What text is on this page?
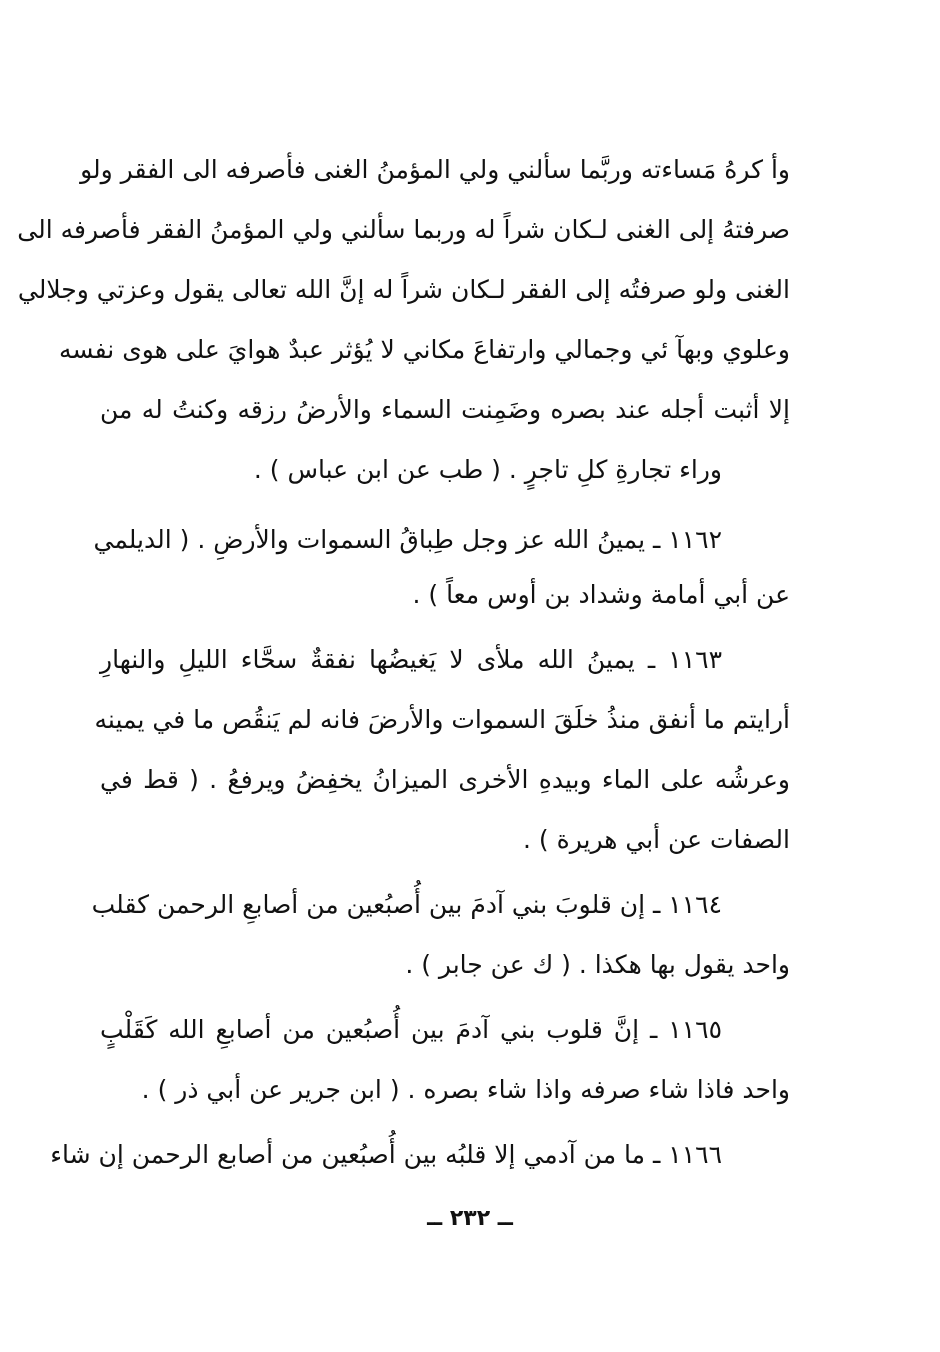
وأ كرهُ مَساءته وربَّما سألني ولي المؤمنُ الغنى فأصرفه الى الفقر ولو
صرفتهُ إلى الغنى لـكان شراً له وربما سألني ولي المؤمنُ الفقر فأصرفه الى
الغنى ولو صرفتُه إلى الفقر لـكان شراً له إنَّ الله تعالى يقول وعزتي وجلالي
وعلوي وبهآ ئي وجمالي وارتفاعَ مكاني لا يُؤثر عبدٌ هوايَ على هوى نفسه
إلا أثبت أجله عند بصره وضَمِنت السماء والأرضُ رزقه وكنتُ له من
وراء تجارةِ كلِ تاجرٍ . ( طب عن ابن عباس ) .
١١٦٢ ـ يمينُ الله عز وجل طِباقُ السموات والأرضِ . ( الديلمي
عن أبي أمامة وشداد بن أوس معاً ) .
١١٦٣ ـ يمينُ الله ملأى لا يَغيضُها نفقةٌ سحَّاء الليلِ والنهارِ
أرايتم ما أنفق منذُ خلَقَ السموات والأرضَ فانه لم يَنقُص ما في يمينه
وعرشُه على الماء وبيدهِ الأخرى الميزانُ يخفِضُ ويرفعُ . ( قط في
الصفات عن أبي هريرة ) .
١١٦٤ ـ إن قلوبَ بني آدمَ بين أُصبُعين من أصابعِ الرحمن كقلب
واحد يقول بها هكذا . ( ك عن جابر ) .
١١٦٥ ـ إنَّ قلوب بني آدمَ بين أُصبُعين من أصابعِ الله كَقَلْبٍ
واحد فاذا شاء صرفه واذا شاء بصره . ( ابن جرير عن أبي ذر ) .
١١٦٦ ـ ما من آدمي إلا قلبُه بين أُصبُعين من أصابع الرحمن إن شاء
ــ ٢٣٢ ــ
